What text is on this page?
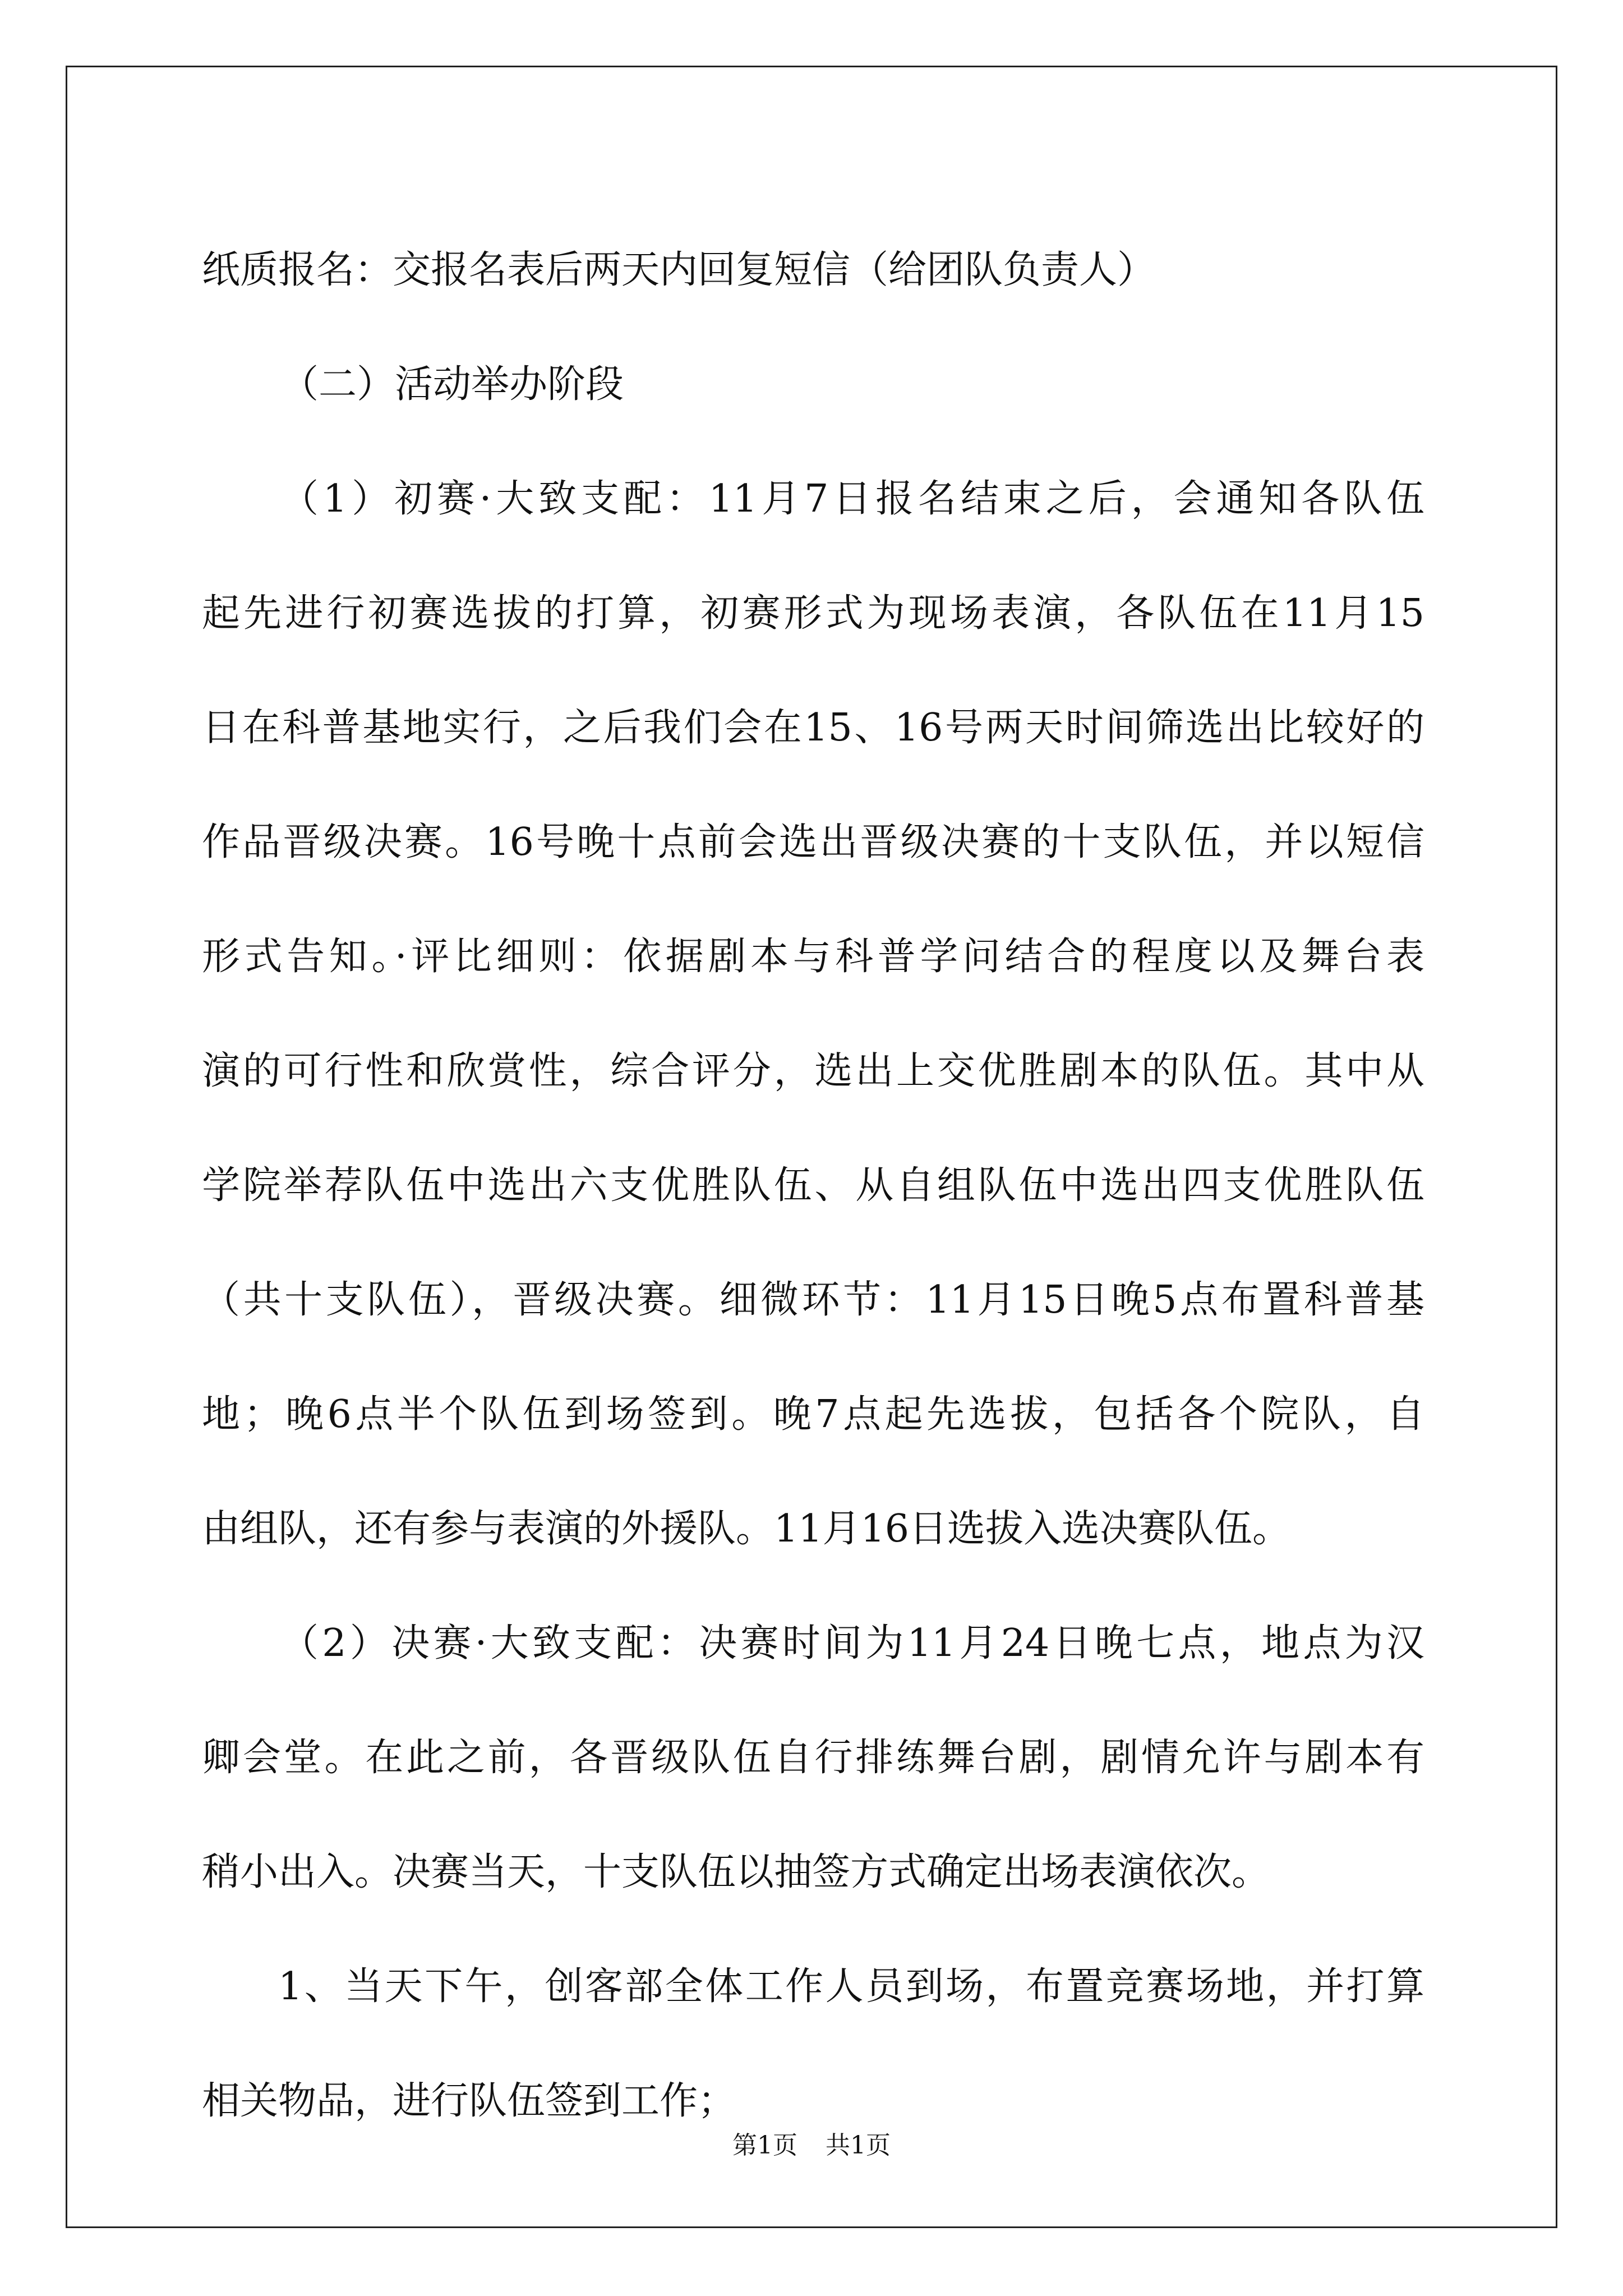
纸质报名：交报名表后两天内回复短信（给团队负责人）
（二）活动举办阶段
（1）初赛·大致支配：11月7日报名结束之后，会通知各队伍
起先进行初赛选拔的打算，初赛形式为现场表演，各队伍在11月15
日在科普基地实行，之后我们会在15、16号两天时间筛选出比较好的
作品晋级决赛。16号晚十点前会选出晋级决赛的十支队伍，并以短信
形式告知。·评比细则：依据剧本与科普学问结合的程度以及舞台表
演的可行性和欣赏性，综合评分，选出上交优胜剧本的队伍。其中从
学院举荐队伍中选出六支优胜队伍、从自组队伍中选出四支优胜队伍
（共十支队伍），晋级决赛。细微环节：11月15日晚5点布置科普基
地；晚6点半个队伍到场签到。晚7点起先选拔，包括各个院队，自
由组队，还有参与表演的外援队。11月16日选拔入选决赛队伍。
（2）决赛·大致支配：决赛时间为11月24日晚七点，地点为汉
卿会堂。在此之前，各晋级队伍自行排练舞台剧，剧情允许与剧本有
稍小出入。决赛当天，十支队伍以抽签方式确定出场表演依次。
1、当天下午，创客部全体工作人员到场，布置竞赛场地，并打算
相关物品，进行队伍签到工作；
第1页 共1页
